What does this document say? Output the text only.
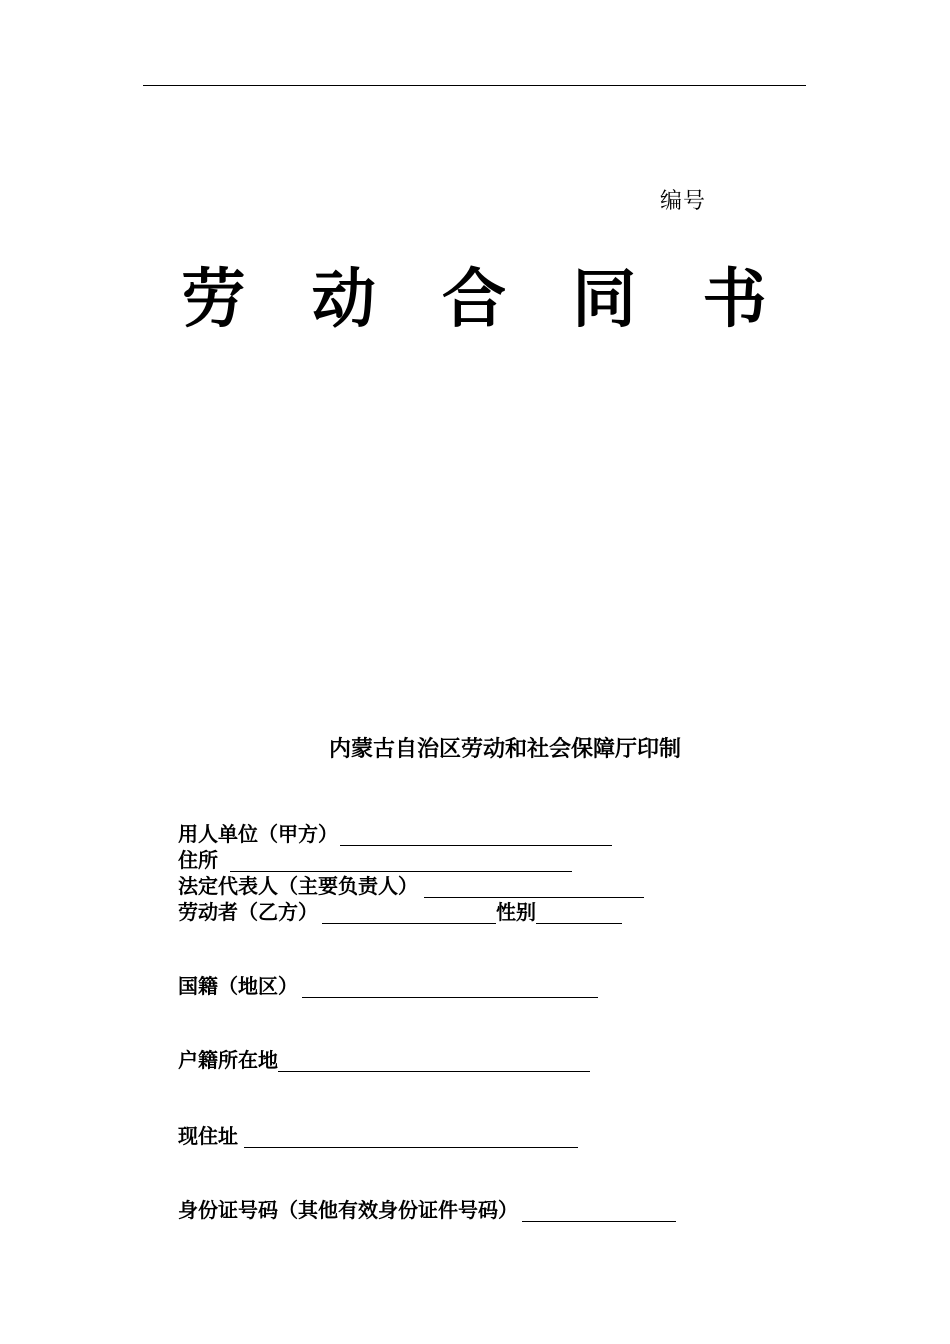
编号
劳 动 合 同 书
内蒙古自治区劳动和社会保障厅印制
用人单位（甲方）
住所
法定代表人（主要负责人）
劳动者（乙方）	性别
国籍（地区）
户籍所在地
现住址
身份证号码（其他有效身份证件号码）
